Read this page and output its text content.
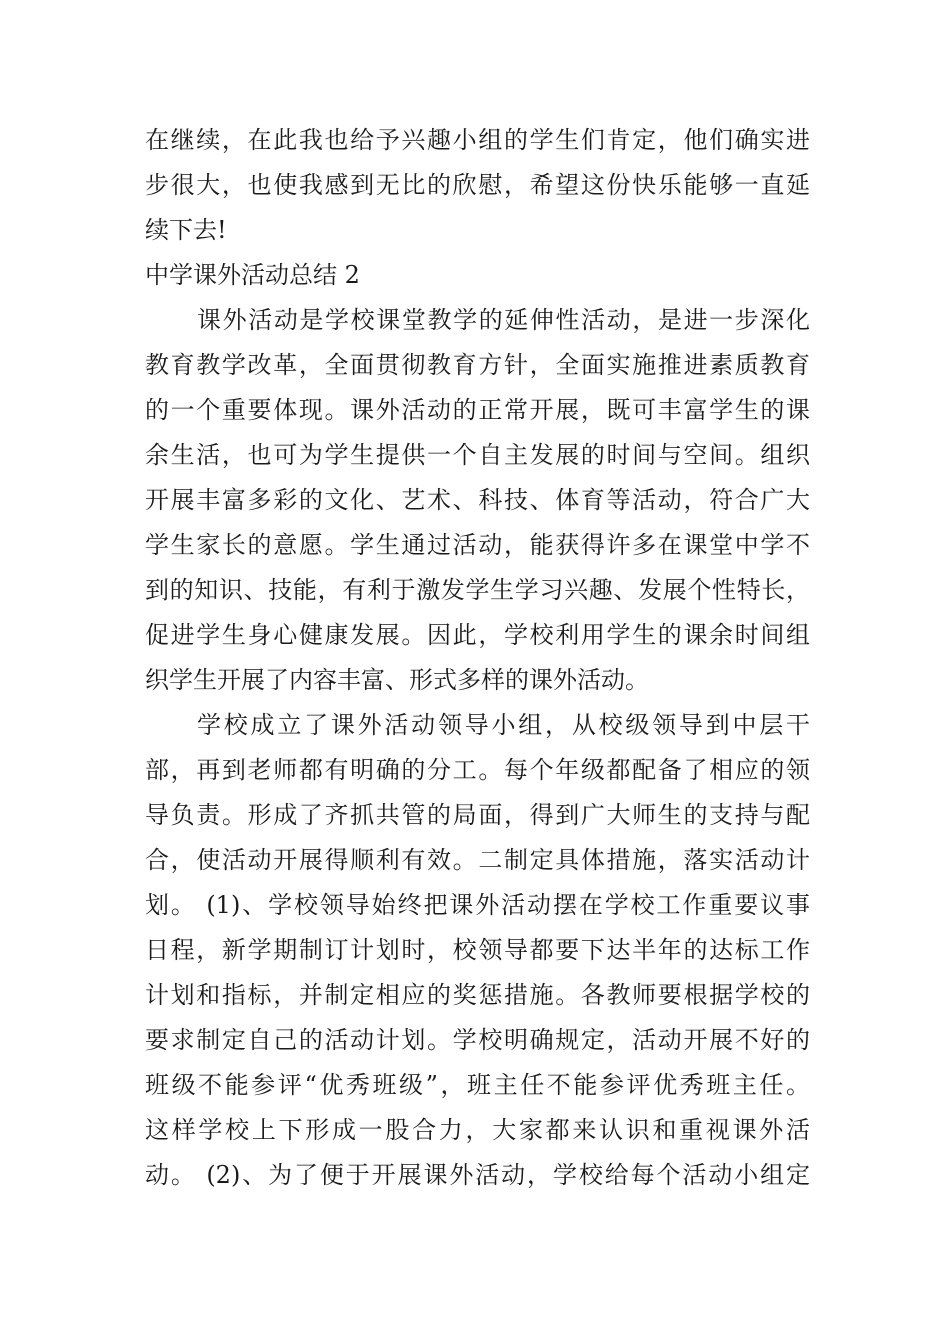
在继续，在此我也给予兴趣小组的学生们肯定，他们确实进
步很大，也使我感到无比的欣慰，希望这份快乐能够一直延
续下去!
中学课外活动总结 2
课外活动是学校课堂教学的延伸性活动，是进一步深化
教育教学改革，全面贯彻教育方针，全面实施推进素质教育
的一个重要体现。课外活动的正常开展，既可丰富学生的课
余生活，也可为学生提供一个自主发展的时间与空间。组织
开展丰富多彩的文化、艺术、科技、体育等活动，符合广大
学生家长的意愿。学生通过活动，能获得许多在课堂中学不
到的知识、技能，有利于激发学生学习兴趣、发展个性特长，
促进学生身心健康发展。因此，学校利用学生的课余时间组
织学生开展了内容丰富、形式多样的课外活动。
学校成立了课外活动领导小组，从校级领导到中层干
部，再到老师都有明确的分工。每个年级都配备了相应的领
导负责。形成了齐抓共管的局面，得到广大师生的支持与配
合，使活动开展得顺利有效。二制定具体措施，落实活动计
划。 (1)、学校领导始终把课外活动摆在学校工作重要议事
日程，新学期制订计划时，校领导都要下达半年的达标工作
计划和指标，并制定相应的奖惩措施。各教师要根据学校的
要求制定自己的活动计划。学校明确规定，活动开展不好的
班级不能参评“优秀班级”，班主任不能参评优秀班主任。
这样学校上下形成一股合力，大家都来认识和重视课外活
动。 (2)、为了便于开展课外活动，学校给每个活动小组定
